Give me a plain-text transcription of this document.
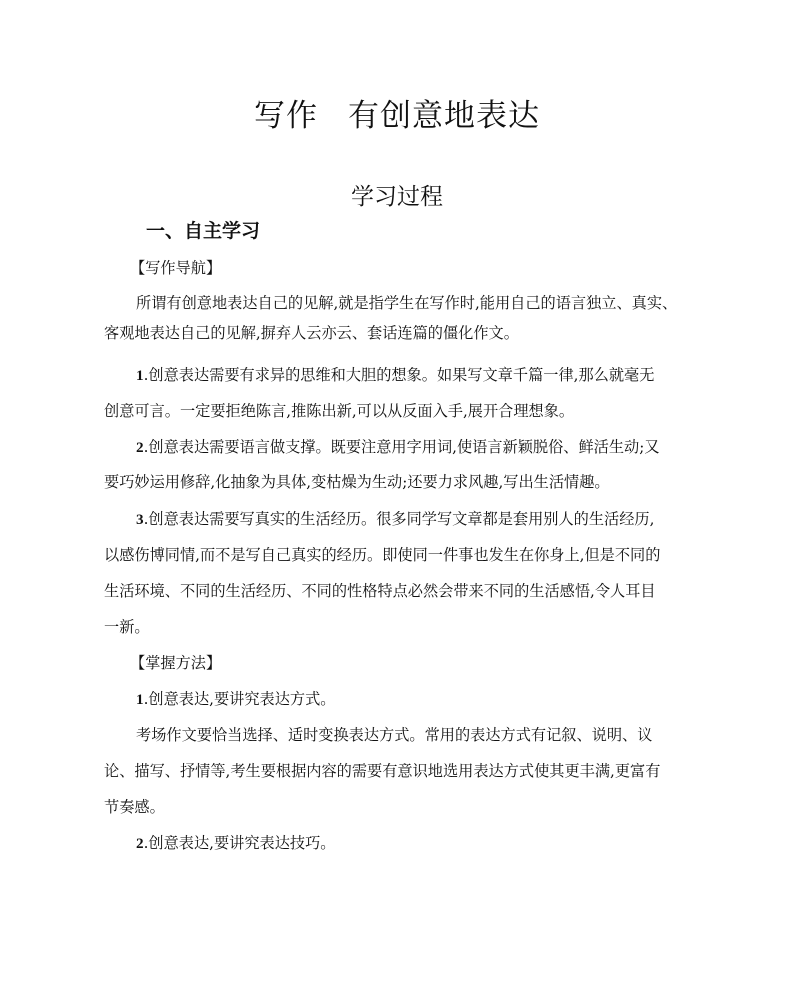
写作 有创意地表达
学习过程
一、自主学习

【写作导航】

所谓有创意地表达自己的见解,就是指学生在写作时,能用自己的语言独立、真实、

客观地表达自己的见解,摒弃人云亦云、套话连篇的僵化作文。

1.创意表达需要有求异的思维和大胆的想象。如果写文章千篇一律,那么就毫无

创意可言。一定要拒绝陈言,推陈出新,可以从反面入手,展开合理想象。

2.创意表达需要语言做支撑。既要注意用字用词,使语言新颖脱俗、鲜活生动;又

要巧妙运用修辞,化抽象为具体,变枯燥为生动;还要力求风趣,写出生活情趣。

3.创意表达需要写真实的生活经历。很多同学写文章都是套用别人的生活经历,

以感伤博同情,而不是写自己真实的经历。即使同一件事也发生在你身上,但是不同的

生活环境、不同的生活经历、不同的性格特点必然会带来不同的生活感悟,令人耳目

一新。

【掌握方法】

1.创意表达,要讲究表达方式。

考场作文要恰当选择、适时变换表达方式。常用的表达方式有记叙、说明、议

论、描写、抒情等,考生要根据内容的需要有意识地选用表达方式使其更丰满,更富有

节奏感。

2.创意表达,要讲究表达技巧。
